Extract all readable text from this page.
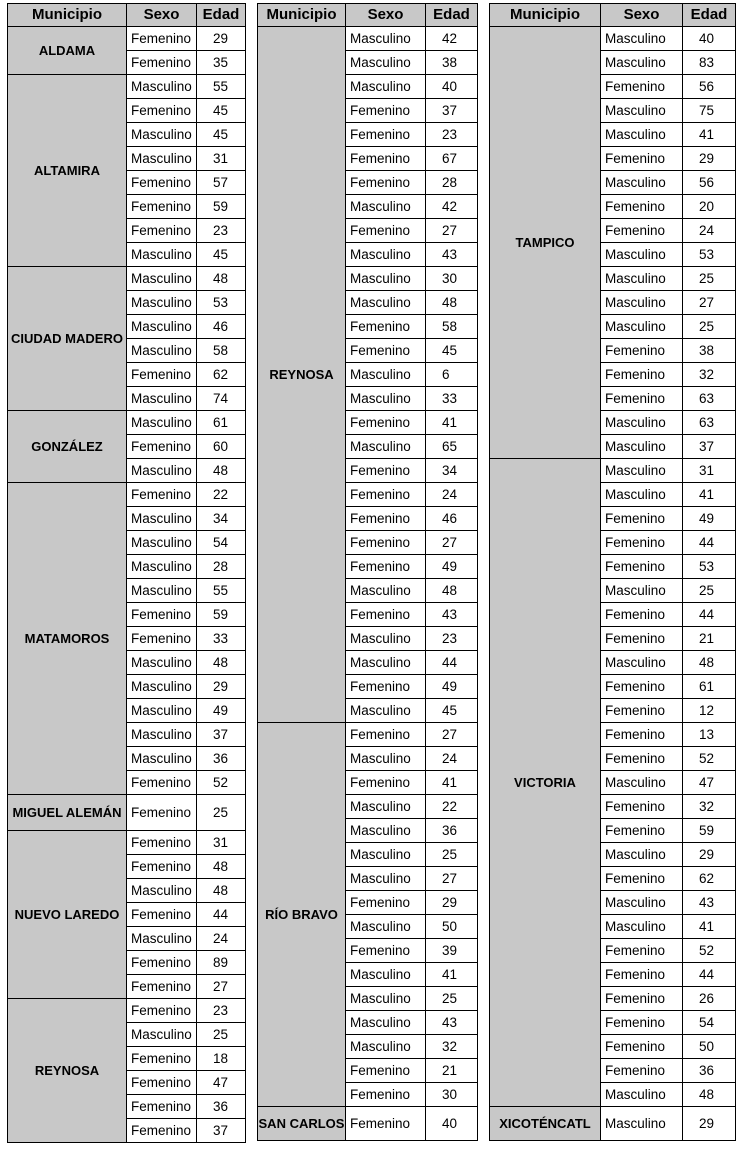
Municipio	Sexo	Edad
ALDAMA	Femenino	29
	Femenino	35
ALTAMIRA	Masculino	55
	Femenino	45
	Masculino	45
	Masculino	31
	Femenino	57
	Femenino	59
	Femenino	23
	Masculino	45
CIUDAD MADERO	Masculino	48
	Masculino	53
	Masculino	46
	Masculino	58
	Femenino	62
	Masculino	74
GONZÁLEZ	Masculino	61
	Femenino	60
	Masculino	48
MATAMOROS	Femenino	22
	Masculino	34
	Masculino	54
	Masculino	28
	Masculino	55
	Femenino	59
	Femenino	33
	Masculino	48
	Masculino	29
	Masculino	49
	Masculino	37
	Masculino	36
	Femenino	52
MIGUEL ALEMÁN	Femenino	25
NUEVO LAREDO	Femenino	31
	Femenino	48
	Masculino	48
	Femenino	44
	Masculino	24
	Femenino	89
	Femenino	27
REYNOSA	Femenino	23
	Masculino	25
	Femenino	18
	Femenino	47
	Femenino	36
	Femenino	37
Municipio	Sexo	Edad
REYNOSA	Masculino	42
	Masculino	38
	Masculino	40
	Femenino	37
	Femenino	23
	Femenino	67
	Femenino	28
	Masculino	42
	Femenino	27
	Masculino	43
	Masculino	30
	Masculino	48
	Femenino	58
	Femenino	45
	Masculino	6
	Masculino	33
	Femenino	41
	Masculino	65
	Femenino	34
	Femenino	24
	Femenino	46
	Femenino	27
	Femenino	49
	Masculino	48
	Femenino	43
	Masculino	23
	Masculino	44
	Femenino	49
	Masculino	45
RÍO BRAVO	Femenino	27
	Masculino	24
	Femenino	41
	Masculino	22
	Masculino	36
	Masculino	25
	Masculino	27
	Femenino	29
	Masculino	50
	Femenino	39
	Masculino	41
	Masculino	25
	Masculino	43
	Masculino	32
	Femenino	21
	Femenino	30
SAN CARLOS	Femenino	40
Municipio	Sexo	Edad
TAMPICO	Masculino	40
	Masculino	83
	Femenino	56
	Masculino	75
	Masculino	41
	Femenino	29
	Masculino	56
	Femenino	20
	Femenino	24
	Masculino	53
	Masculino	25
	Masculino	27
	Masculino	25
	Femenino	38
	Femenino	32
	Femenino	63
	Masculino	63
	Masculino	37
VICTORIA	Masculino	31
	Masculino	41
	Femenino	49
	Femenino	44
	Femenino	53
	Masculino	25
	Femenino	44
	Femenino	21
	Masculino	48
	Femenino	61
	Femenino	12
	Femenino	13
	Femenino	52
	Masculino	47
	Femenino	32
	Femenino	59
	Masculino	29
	Femenino	62
	Masculino	43
	Masculino	41
	Femenino	52
	Femenino	44
	Femenino	26
	Femenino	54
	Femenino	50
	Femenino	36
	Masculino	48
XICOTÉNCATL	Masculino	29
